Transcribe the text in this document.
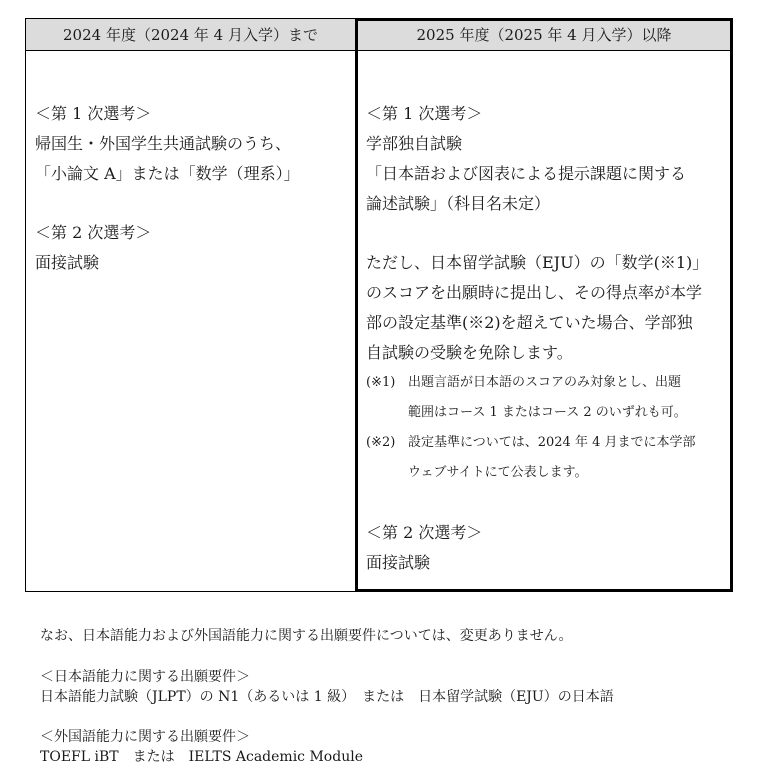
2024 年度（2024 年 4 月入学）まで	2025 年度（2025 年 4 月入学）以降
＜第 1 次選考＞
帰国生・外国学生共通試験のうち、
「小論文 A」または「数学（理系）」
＜第 2 次選考＞
面接試験
＜第 1 次選考＞
学部独自試験
「日本語および図表による提示課題に関する
論述試験」（科目名未定）
ただし、日本留学試験（EJU）の「数学(※1)」
のスコアを出願時に提出し、その得点率が本学
部の設定基準(※2)を超えていた場合、学部独
自試験の受験を免除します。
(※1) 出題言語が日本語のスコアのみ対象とし、出題
範囲はコース 1 またはコース 2 のいずれも可。
(※2) 設定基準については、2024 年 4 月までに本学部
ウェブサイトにて公表します。
＜第 2 次選考＞
面接試験
なお、日本語能力および外国語能力に関する出願要件については、変更ありません。
＜日本語能力に関する出願要件＞
日本語能力試験（JLPT）の N1（あるいは 1 級）　または　日本留学試験（EJU）の日本語
＜外国語能力に関する出願要件＞
TOEFL iBT　または　IELTS Academic Module
